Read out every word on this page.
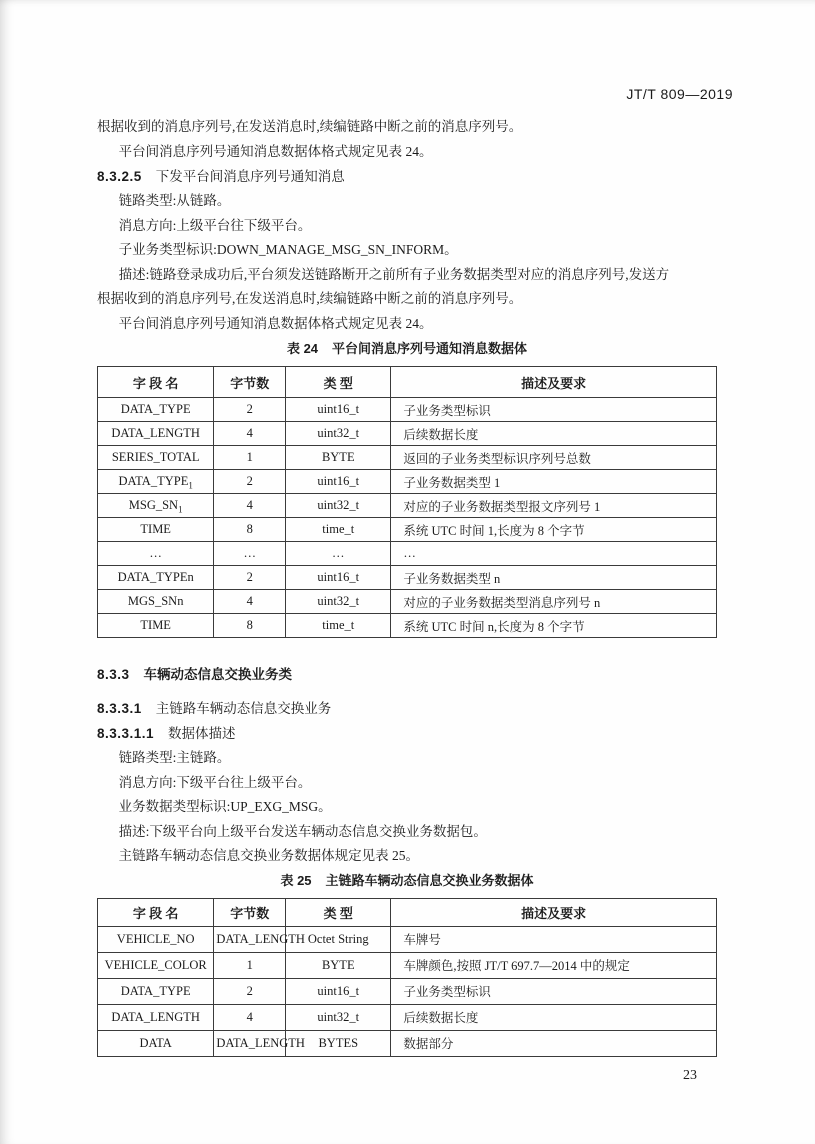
JT/T 809—2019

根据收到的消息序列号,在发送消息时,续编链路中断之前的消息序列号。

平台间消息序列号通知消息数据体格式规定见表 24。

8.3.2.5 下发平台间消息序列号通知消息

链路类型:从链路。

消息方向:上级平台往下级平台。

子业务类型标识:DOWN_MANAGE_MSG_SN_INFORM。

描述:链路登录成功后,平台须发送链路断开之前所有子业务数据类型对应的消息序列号,发送方

根据收到的消息序列号,在发送消息时,续编链路中断之前的消息序列号。

平台间消息序列号通知消息数据体格式规定见表 24。

表 24 平台间消息序列号通知消息数据体
字 段 名	字节数	类 型	描述及要求
DATA_TYPE	2	uint16_t	子业务类型标识
DATA_LENGTH	4	uint32_t	后续数据长度
SERIES_TOTAL	1	BYTE	返回的子业务类型标识序列号总数
$DATA\_TYPE_1$	2	uint16_t	子业务数据类型 1
$MSG\_SN_1$	4	uint32_t	对应的子业务数据类型报文序列号 1
TIME	8	time_t	系统 UTC 时间 1,长度为 8 个字节
…	…	…	…
DATA_TYPEn	2	uint16_t	子业务数据类型 n
MGS_SNn	4	uint32_t	对应的子业务数据类型消息序列号 n
TIME	8	time_t	系统 UTC 时间 n,长度为 8 个字节

8.3.3 车辆动态信息交换业务类

8.3.3.1 主链路车辆动态信息交换业务

8.3.3.1.1 数据体描述

链路类型:主链路。

消息方向:下级平台往上级平台。

业务数据类型标识:UP_EXG_MSG。

描述:下级平台向上级平台发送车辆动态信息交换业务数据包。

主链路车辆动态信息交换业务数据体规定见表 25。

表 25 主链路车辆动态信息交换业务数据体
字 段 名	字节数	类 型	描述及要求
VEHICLE_NO	DATA_LENGTH	Octet String	车牌号
VEHICLE_COLOR	1	BYTE	车牌颜色,按照 JT/T 697.7—2014 中的规定
DATA_TYPE	2	uint16_t	子业务类型标识
DATA_LENGTH	4	uint32_t	后续数据长度
DATA	DATA_LENGTH	BYTES	数据部分
23
